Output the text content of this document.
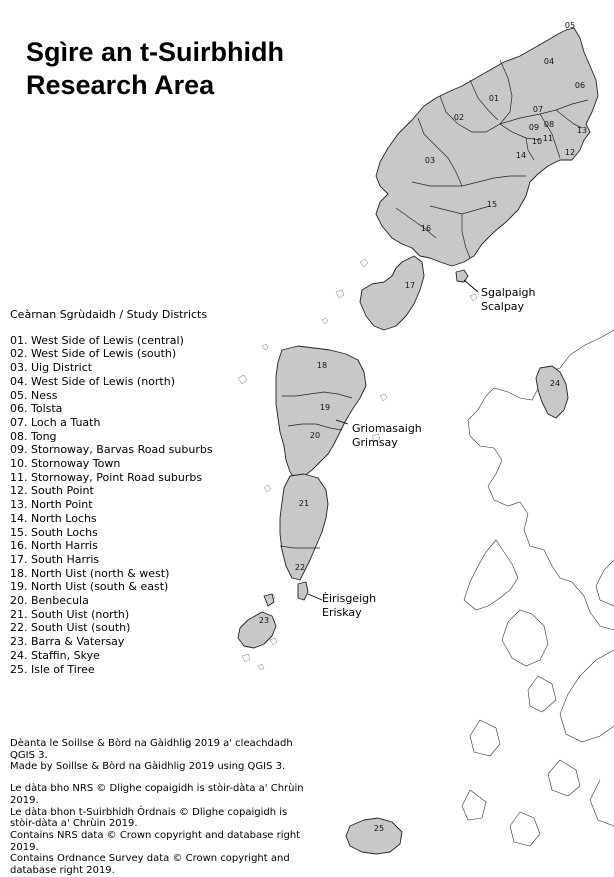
05
04
06
01
07
02
08
09	13
11
10
12
14
03
15
16
17
18
24
19
20
21
22
23
25
Sgalpaigh
Scalpay
Griomasaigh
Grimsay
Èirisgeigh
Eriskay
Sgìre an t-Suirbhidh
Research Area

Ceàrnan Sgrùdaidh / Study Districts

01. West Side of Lewis (central)
02. West Side of Lewis (south)
03. Uig District
04. West Side of Lewis (north)
05. Ness
06. Tolsta
07. Loch a Tuath
08. Tong
09. Stornoway, Barvas Road suburbs
10. Stornoway Town
11. Stornoway, Point Road suburbs
12. South Point
13. North Point
14. North Lochs
15. South Lochs
16. North Harris
17. South Harris
18. North Uist (north & west)
19. North Uist (south & east)
20. Benbecula
21. South Uist (north)
22. South Uist (south)
23. Barra & Vatersay
24. Staffin, Skye
25. Isle of Tiree

Dèanta le Soillse & Bòrd na Gàidhlig 2019 a' cleachdadh QGIS 3.

Made by Soillse & Bòrd na Gàidhlig 2019 using QGIS 3.

Le dàta bho NRS © Dlighe copaigidh is stòir-dàta a' Chrùin 2019.

Le dàta bhon t-Suirbhidh Òrdnais © Dlighe copaigidh is stòir-dàta a' Chrùin 2019.

Contains NRS data © Crown copyright and database right 2019.

Contains Ordnance Survey data © Crown copyright and database right 2019.
